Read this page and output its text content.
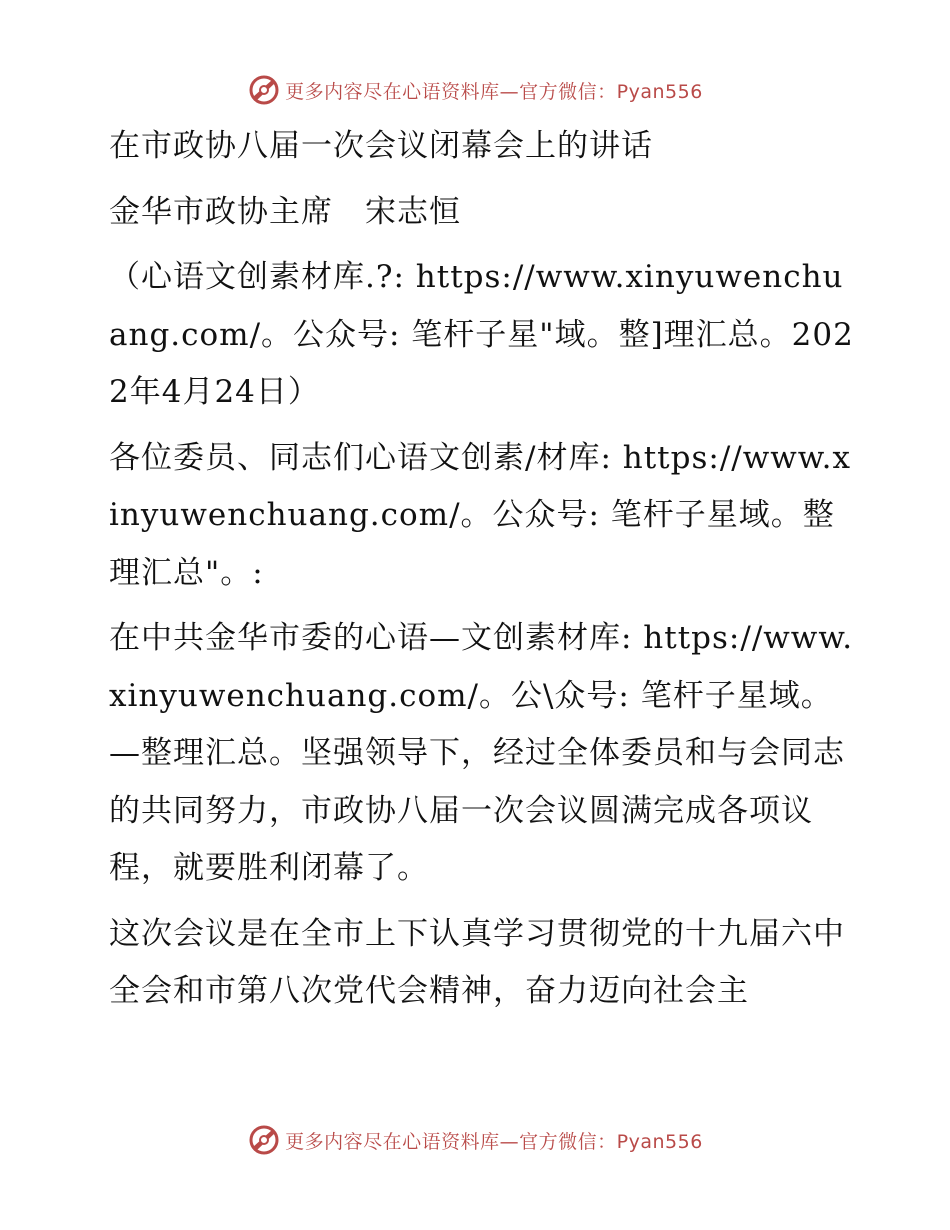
更多内容尽在心语资料库—官方微信：Pyan556

在市政协八届一次会议闭幕会上的讲话

金华市政协主席　宋志恒

（心语文创素材库.?: https://www.xinyuwenchuang.com/。公众号: 笔杆子星"域。整]理汇总。2022年4月24日）

各位委员、同志们心语文创素/材库: https://www.xinyuwenchuang.com/。公众号: 笔杆子星域。整理汇总"。:

在中共金华市委的心语—文创素材库: https://www.xinyuwenchuang.com/。公\众号: 笔杆子星域。—整理汇总。坚强领导下，经过全体委员和与会同志的共同努力，市政协八届一次会议圆满完成各项议程，就要胜利闭幕了。

这次会议是在全市上下认真学习贯彻党的十九届六中全会和市第八次党代会精神，奋力迈向社会主

更多内容尽在心语资料库—官方微信：Pyan556
